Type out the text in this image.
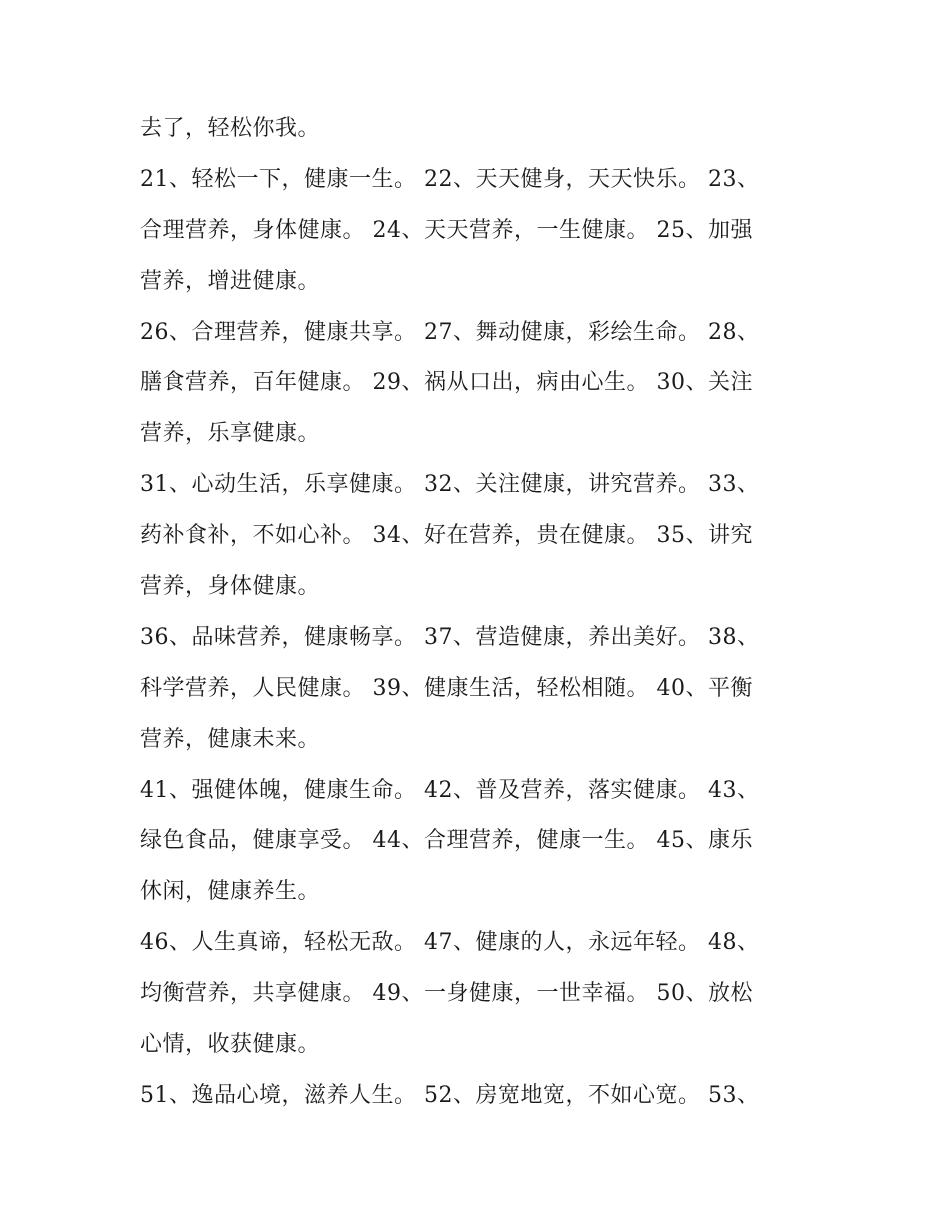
去了，轻松你我。
21、轻松一下，健康一生。 22、天天健身，天天快乐。 23、
合理营养，身体健康。 24、天天营养，一生健康。 25、加强
营养，增进健康。
26、合理营养，健康共享。 27、舞动健康，彩绘生命。 28、
膳食营养，百年健康。 29、祸从口出，病由心生。 30、关注
营养，乐享健康。
31、心动生活，乐享健康。 32、关注健康，讲究营养。 33、
药补食补，不如心补。 34、好在营养，贵在健康。 35、讲究
营养，身体健康。
36、品味营养，健康畅享。 37、营造健康，养出美好。 38、
科学营养，人民健康。 39、健康生活，轻松相随。 40、平衡
营养，健康未来。
41、强健体魄，健康生命。 42、普及营养，落实健康。 43、
绿色食品，健康享受。 44、合理营养，健康一生。 45、康乐
休闲，健康养生。
46、人生真谛，轻松无敌。 47、健康的人，永远年轻。 48、
均衡营养，共享健康。 49、一身健康，一世幸福。 50、放松
心情，收获健康。
51、逸品心境，滋养人生。 52、房宽地宽，不如心宽。 53、
